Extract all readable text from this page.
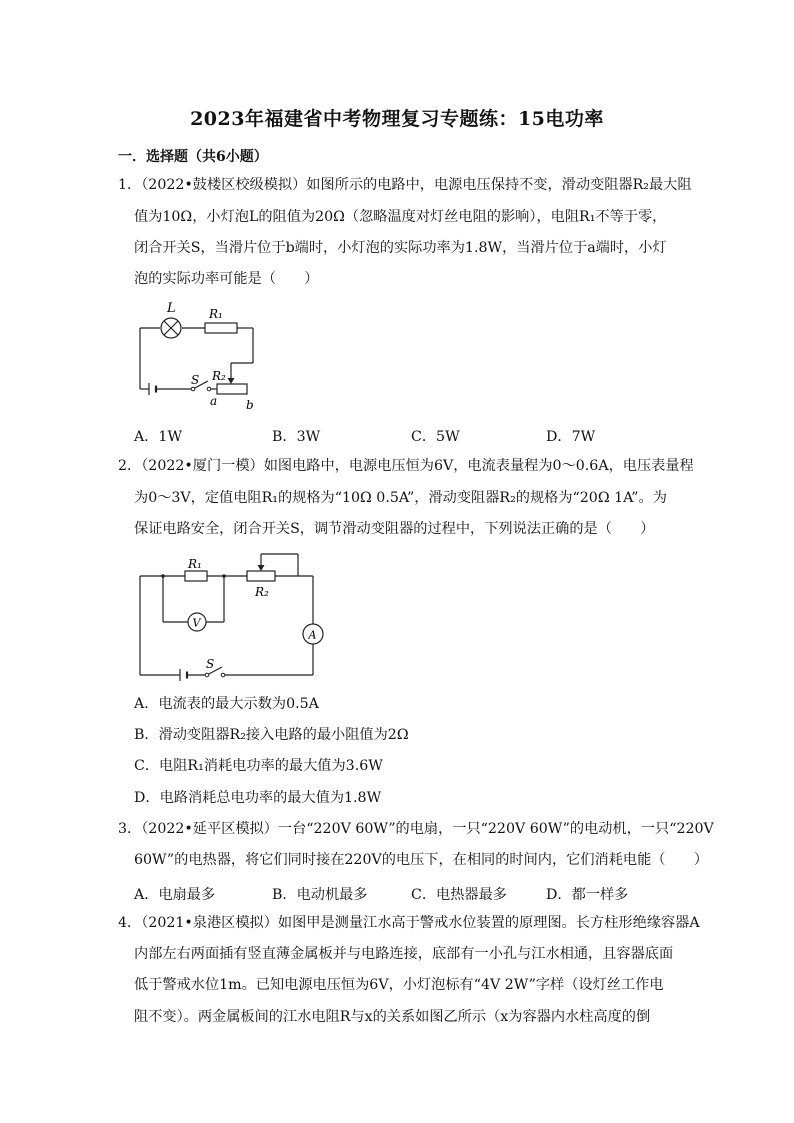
2023年福建省中考物理复习专题练：15电功率
一．选择题（共6小题）
1．（2022•鼓楼区校级模拟）如图所示的电路中，电源电压保持不变，滑动变阻器R₂最大阻
值为10Ω，小灯泡L的阻值为20Ω（忽略温度对灯丝电阻的影响），电阻R₁不等于零，
闭合开关S，当滑片位于b端时，小灯泡的实际功率为1.8W，当滑片位于a端时，小灯
泡的实际功率可能是（　　）
L	R₁
R₂
S
a b
A．1W	B．3W	C．5W	D．7W
2．（2022•厦门一模）如图电路中，电源电压恒为6V，电流表量程为0～0.6A，电压表量程
为0～3V，定值电阻R₁的规格为“10Ω 0.5A”，滑动变阻器R₂的规格为“20Ω 1A”。为
保证电路安全，闭合开关S，调节滑动变阻器的过程中，下列说法正确的是（　　）
R₁
R₂
V
A
S
A．电流表的最大示数为0.5A
B．滑动变阻器R₂接入电路的最小阻值为2Ω
C．电阻R₁消耗电功率的最大值为3.6W
D．电路消耗总电功率的最大值为1.8W
3．（2022•延平区模拟）一台“220V 60W”的电扇，一只“220V 60W”的电动机，一只“220V
60W”的电热器，将它们同时接在220V的电压下，在相同的时间内，它们消耗电能（　　）
A．电扇最多	B．电动机最多	C．电热器最多	D．都一样多
4．（2021•泉港区模拟）如图甲是测量江水高于警戒水位装置的原理图。长方柱形绝缘容器A
内部左右两面插有竖直薄金属板并与电路连接，底部有一小孔与江水相通，且容器底面
低于警戒水位1m。已知电源电压恒为6V，小灯泡标有“4V 2W”字样（设灯丝工作电
阻不变）。两金属板间的江水电阻R与x的关系如图乙所示（x为容器内水柱高度的倒
